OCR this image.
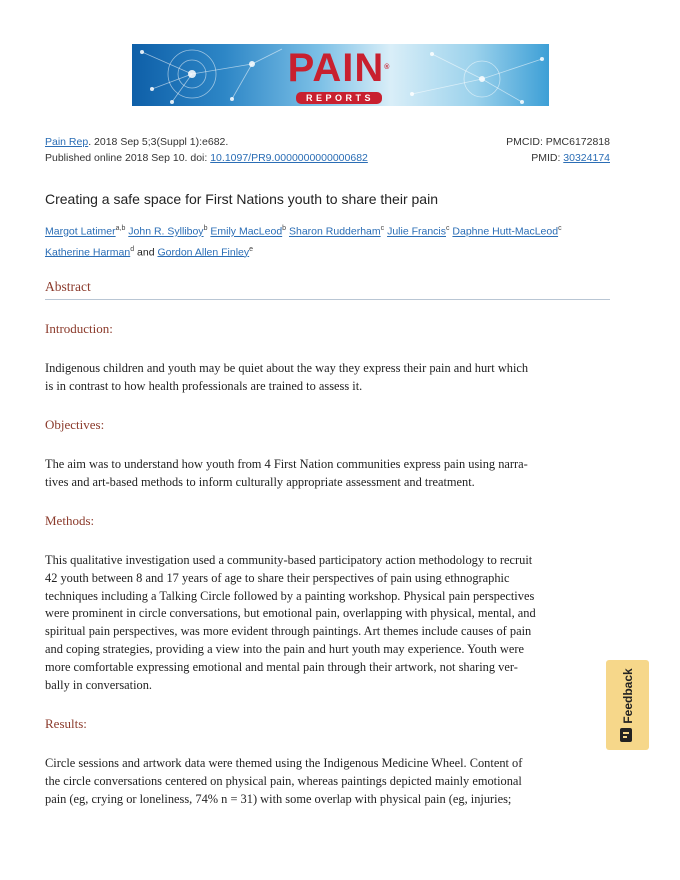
PAIN®
REPORTS
Pain Rep. 2018 Sep 5;3(Suppl 1):e682.	PMCID: PMC6172818
Published online 2018 Sep 10. doi: 10.1097/PR9.0000000000000682	PMID: 30324174
Creating a safe space for First Nations youth to share their pain
Margot Latimer$^{a,b}$ John R. Sylliboy$^b$ Emily MacLeod$^b$ Sharon Rudderham$^c$ Julie Francis$^c$ Daphne Hutt-MacLeod$^c$
Katherine Harman$^d$ and Gordon Allen Finley$^e$
Abstract
Introduction:
Indigenous children and youth may be quiet about the way they express their pain and hurt which
is in contrast to how health professionals are trained to assess it.
Objectives:
The aim was to understand how youth from 4 First Nation communities express pain using narra-
tives and art-based methods to inform culturally appropriate assessment and treatment.
Methods:
This qualitative investigation used a community-based participatory action methodology to recruit
42 youth between 8 and 17 years of age to share their perspectives of pain using ethnographic
techniques including a Talking Circle followed by a painting workshop. Physical pain perspectives
were prominent in circle conversations, but emotional pain, overlapping with physical, mental, and
spiritual pain perspectives, was more evident through paintings. Art themes include causes of pain
and coping strategies, providing a view into the pain and hurt youth may experience. Youth were
more comfortable expressing emotional and mental pain through their artwork, not sharing ver-
bally in conversation.
Results:
Circle sessions and artwork data were themed using the Indigenous Medicine Wheel. Content of
the circle conversations centered on physical pain, whereas paintings depicted mainly emotional
pain (eg, crying or loneliness, 74% n = 31) with some overlap with physical pain (eg, injuries;
Feedback
